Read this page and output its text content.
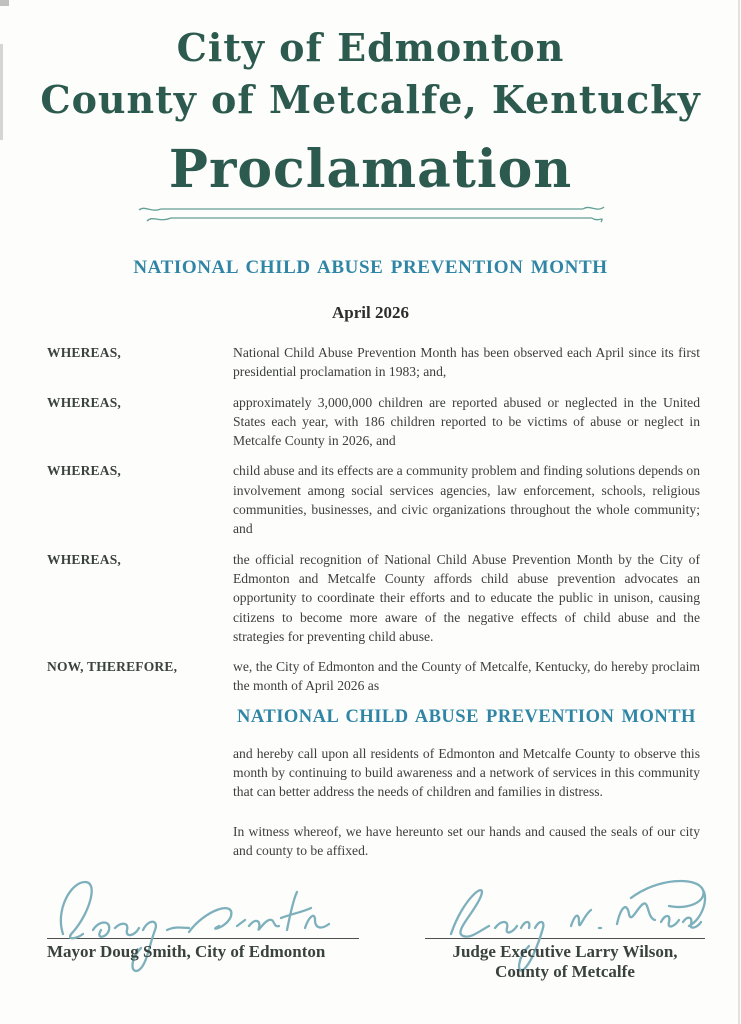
City of Edmonton
County of Metcalfe, Kentucky
Proclamation
NATIONAL CHILD ABUSE PREVENTION MONTH
April 2026
WHEREAS,	National Child Abuse Prevention Month has been observed each April since its first presidential proclamation in 1983; and,
WHEREAS,	approximately 3,000,000 children are reported abused or neglected in the United States each year, with 186 children reported to be victims of abuse or neglect in Metcalfe County in 2026, and
WHEREAS,	child abuse and its effects are a community problem and finding solutions depends on involvement among social services agencies, law enforcement, schools, religious communities, businesses, and civic organizations throughout the whole community; and
WHEREAS,	the official recognition of National Child Abuse Prevention Month by the City of Edmonton and Metcalfe County affords child abuse prevention advocates an opportunity to coordinate their efforts and to educate the public in unison, causing citizens to become more aware of the negative effects of child abuse and the strategies for preventing child abuse.
NOW, THEREFORE,	we, the City of Edmonton and the County of Metcalfe, Kentucky, do hereby proclaim the month of April 2026 as
NATIONAL CHILD ABUSE PREVENTION MONTH
and hereby call upon all residents of Edmonton and Metcalfe County to observe this month by continuing to build awareness and a network of services in this community that can better address the needs of children and families in distress.
In witness whereof, we have hereunto set our hands and caused the seals of our city and county to be affixed.
Mayor Doug Smith, City of Edmonton	Judge Executive Larry Wilson,
County of Metcalfe
